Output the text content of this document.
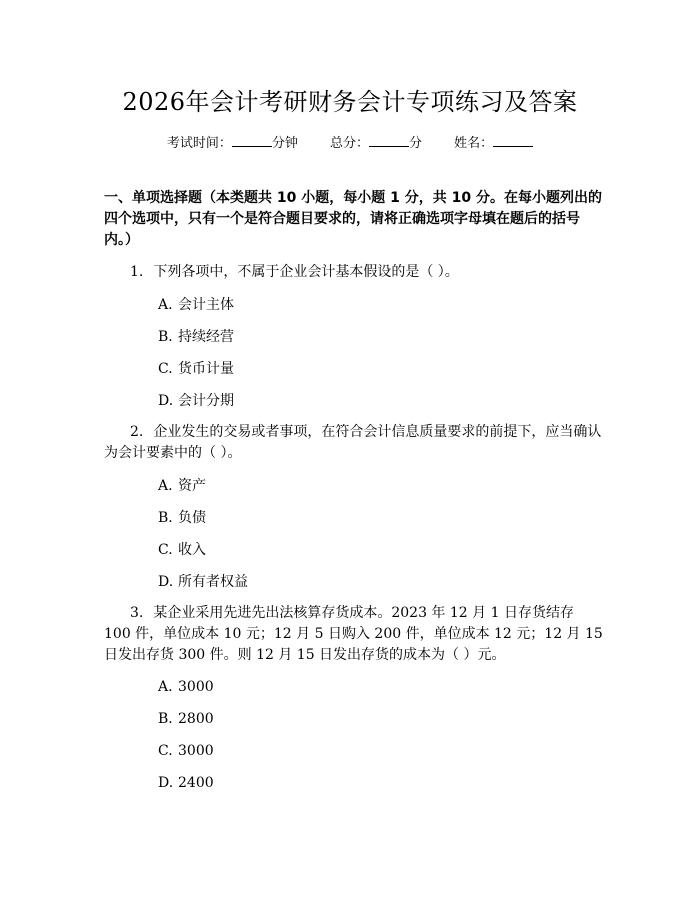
2026年会计考研财务会计专项练习及答案
考试时间：	分钟 总分：	分 姓名：
一、单项选择题（本类题共 10 小题，每小题 1 分，共 10 分。在每小题列出的四个选项中，只有一个是符合题目要求的，请将正确选项字母填在题后的括号内。）
1. 下列各项中，不属于企业会计基本假设的是（ ）。
A. 会计主体
B. 持续经营
C. 货币计量
D. 会计分期
2. 企业发生的交易或者事项，在符合会计信息质量要求的前提下，应当确认为会计要素中的（ ）。
A. 资产
B. 负债
C. 收入
D. 所有者权益
3. 某企业采用先进先出法核算存货成本。2023 年 12 月 1 日存货结存 100 件，单位成本 10 元；12 月 5 日购入 200 件，单位成本 12 元；12 月 15 日发出存货 300 件。则 12 月 15 日发出存货的成本为（ ）元。
A. 3000
B. 2800
C. 3000
D. 2400
